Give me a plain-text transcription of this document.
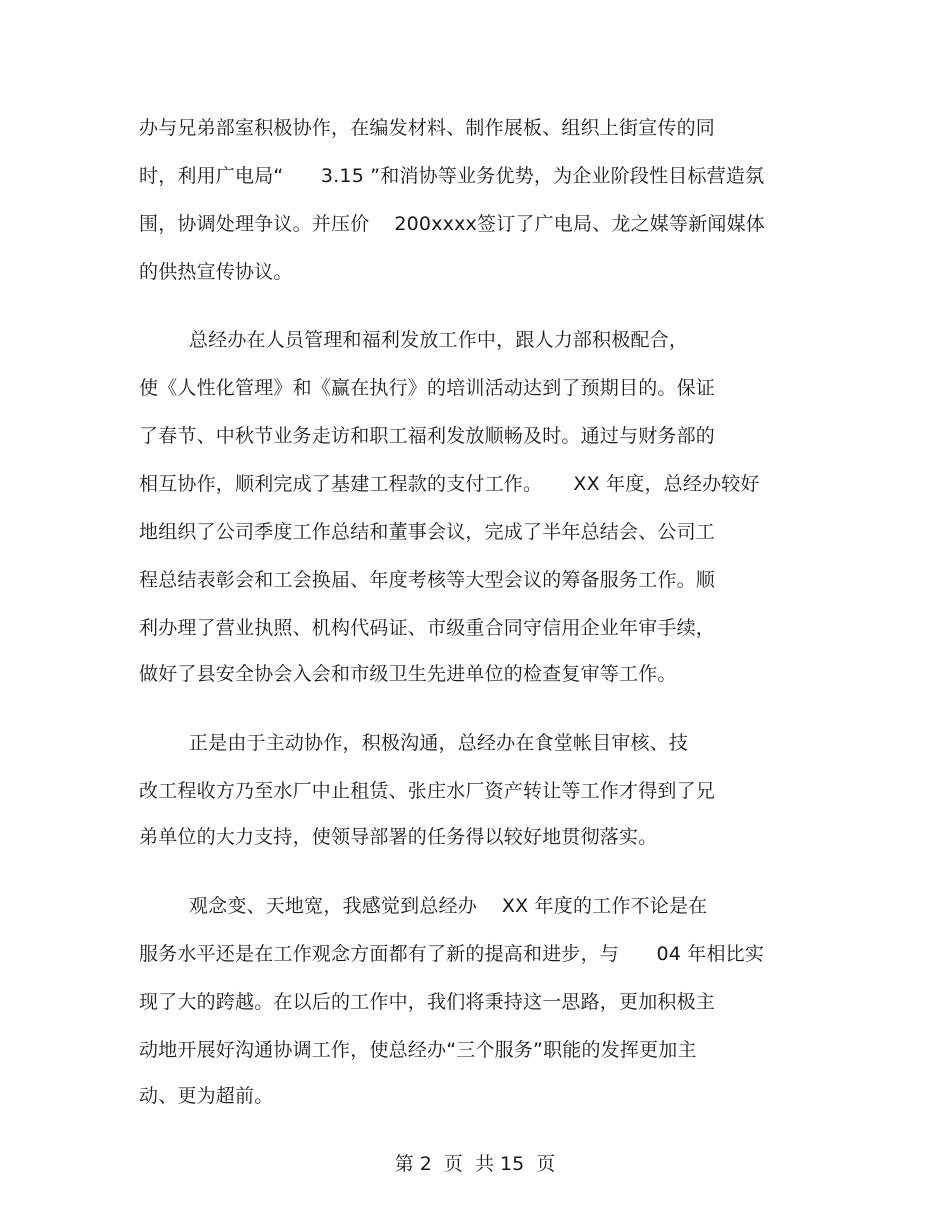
办与兄弟部室积极协作，在编发材料、制作展板、组织上街宣传的同
时，利用广电局“      3.15 ”和消协等业务优势，为企业阶段性目标营造氛
围，协调处理争议。并压价    200xxxx签订了广电局、龙之媒等新闻媒体
的供热宣传协议。
总经办在人员管理和福利发放工作中，跟人力部积极配合，
使《人性化管理》和《赢在执行》的培训活动达到了预期目的。保证
了春节、中秋节业务走访和职工福利发放顺畅及时。通过与财务部的
相互协作，顺利完成了基建工程款的支付工作。     XX 年度，总经办较好
地组织了公司季度工作总结和董事会议，完成了半年总结会、公司工
程总结表彰会和工会换届、年度考核等大型会议的筹备服务工作。顺
利办理了营业执照、机构代码证、市级重合同守信用企业年审手续，
做好了县安全协会入会和市级卫生先进单位的检查复审等工作。
正是由于主动协作，积极沟通，总经办在食堂帐目审核、技
改工程收方乃至水厂中止租赁、张庄水厂资产转让等工作才得到了兄
弟单位的大力支持，使领导部署的任务得以较好地贯彻落实。
观念变、天地宽，我感觉到总经办    XX 年度的工作不论是在
服务水平还是在工作观念方面都有了新的提高和进步，与      04 年相比实
现了大的跨越。在以后的工作中，我们将秉持这一思路，更加积极主
动地开展好沟通协调工作，使总经办“三个服务”职能的发挥更加主
动、更为超前。
第 2  页  共 15  页
